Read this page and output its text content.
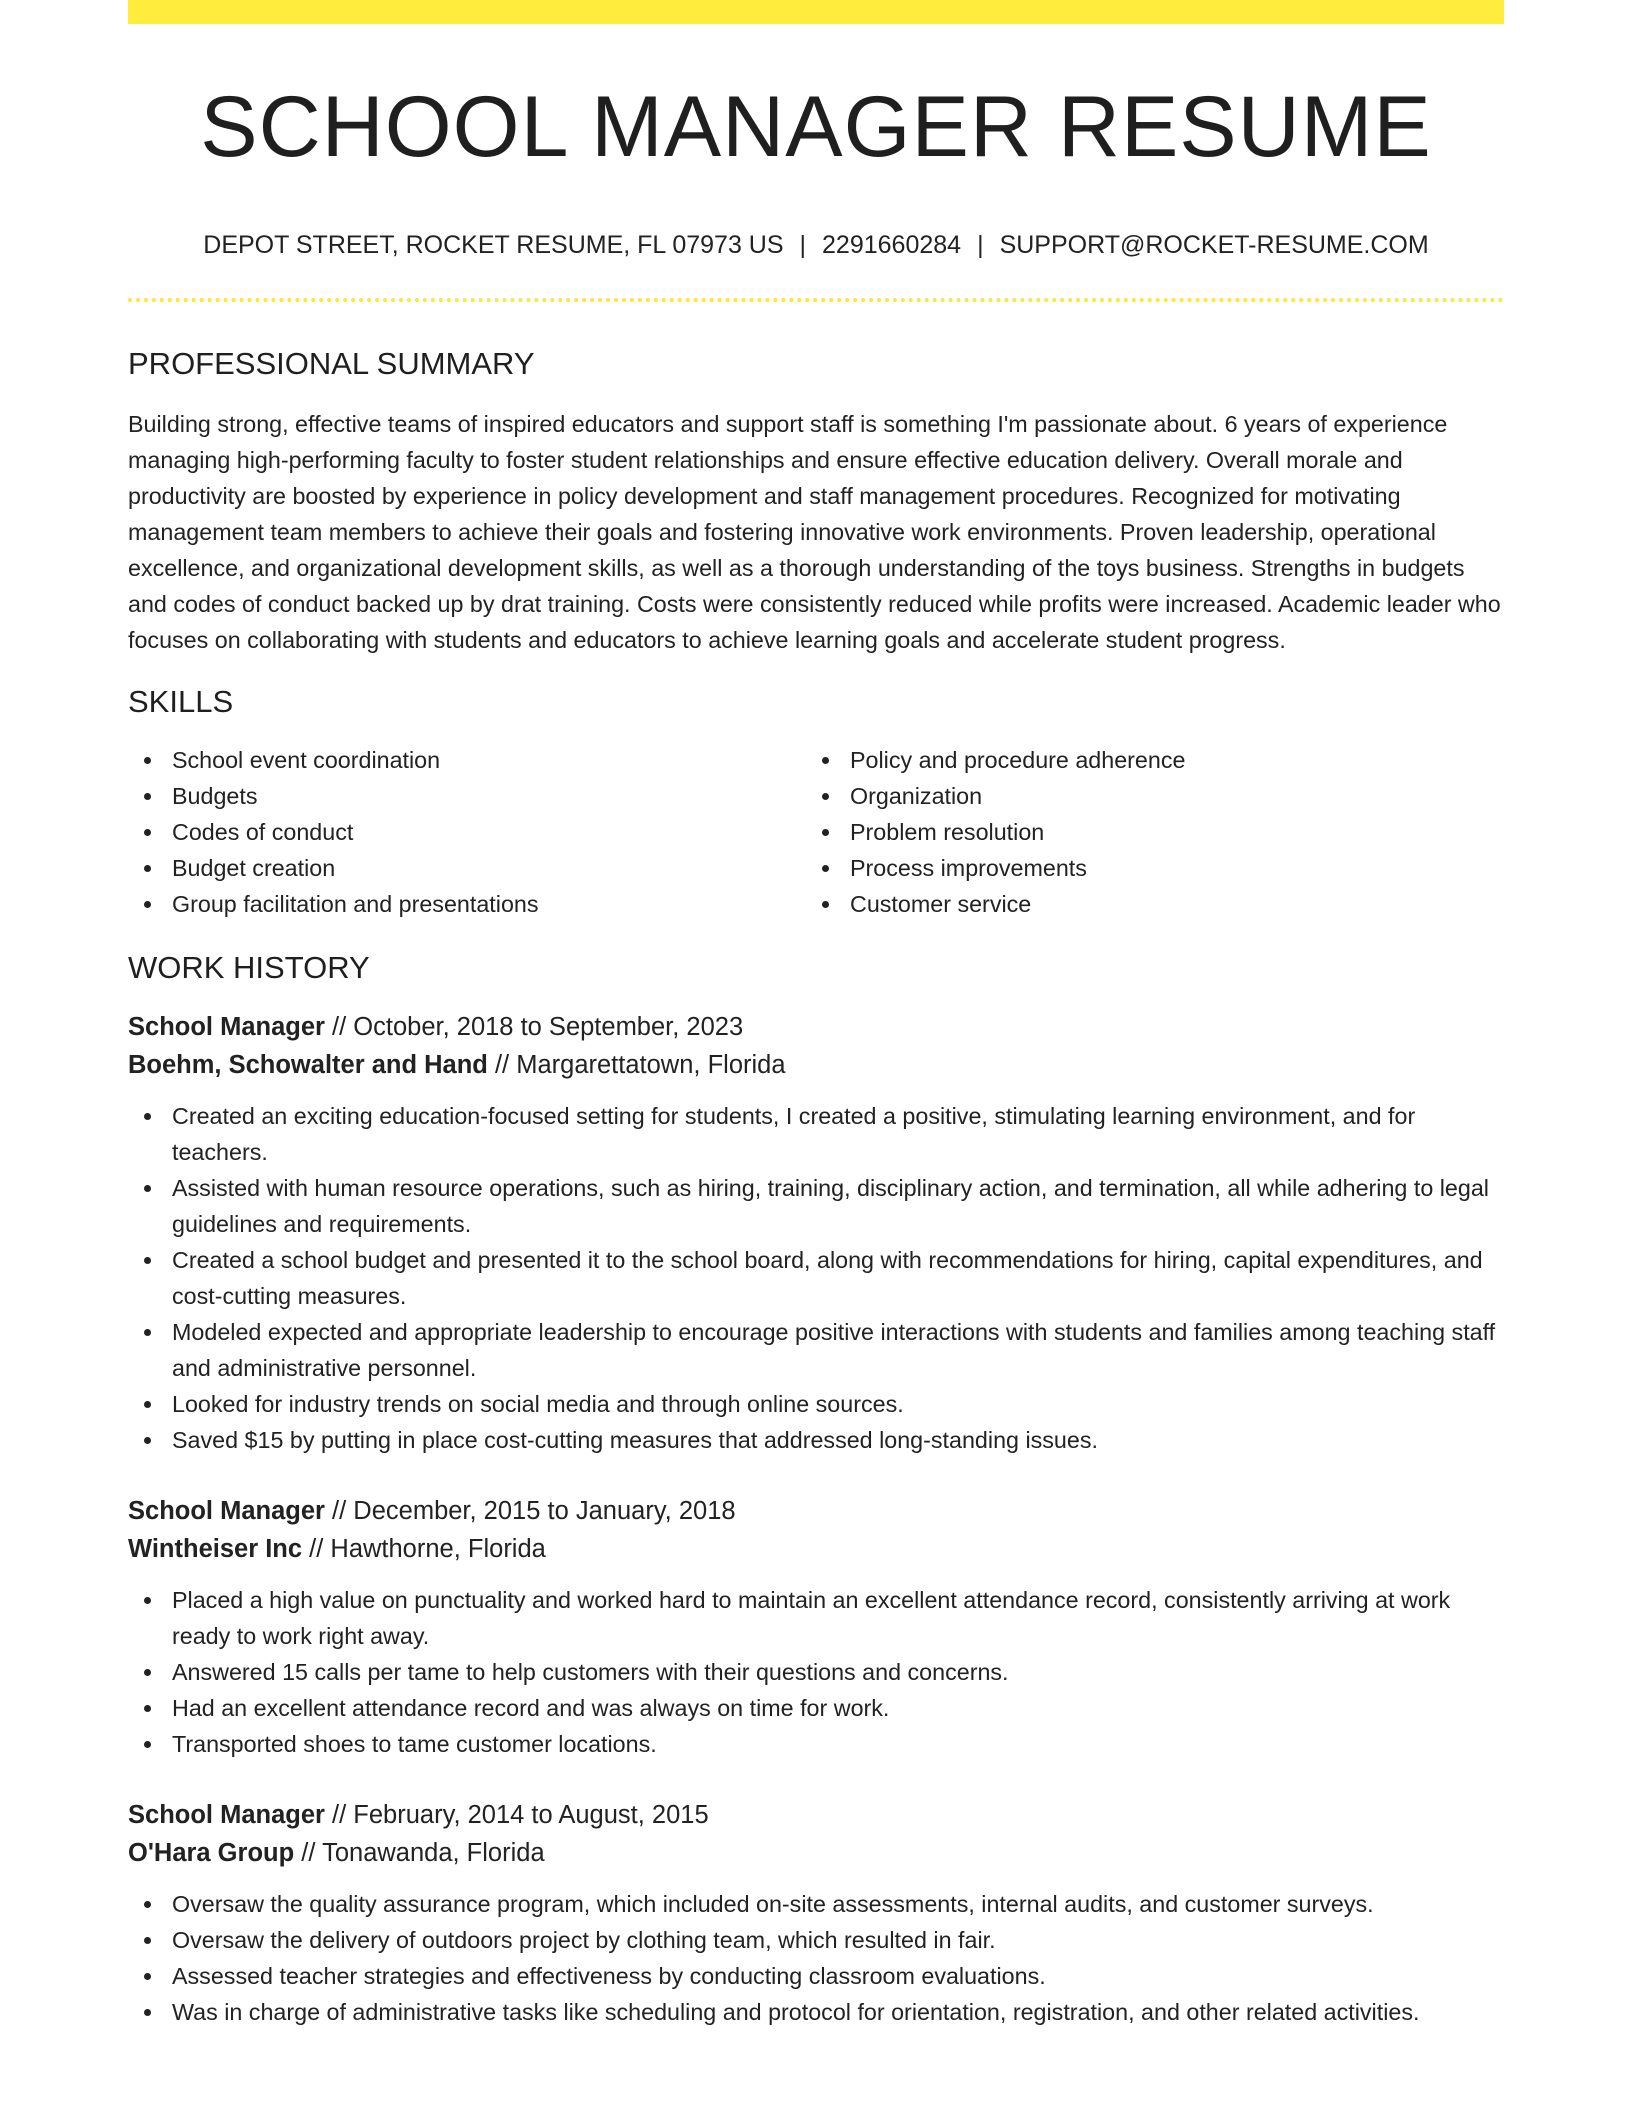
SCHOOL MANAGER RESUME
DEPOT STREET, ROCKET RESUME, FL 07973 US | 2291660284 | SUPPORT@ROCKET-RESUME.COM
PROFESSIONAL SUMMARY

Building strong, effective teams of inspired educators and support staff is something I'm passionate about. 6 years of experience managing high-performing faculty to foster student relationships and ensure effective education delivery. Overall morale and productivity are boosted by experience in policy development and staff management procedures. Recognized for motivating management team members to achieve their goals and fostering innovative work environments. Proven leadership, operational excellence, and organizational development skills, as well as a thorough understanding of the toys business. Strengths in budgets and codes of conduct backed up by drat training. Costs were consistently reduced while profits were increased. Academic leader who focuses on collaborating with students and educators to achieve learning goals and accelerate student progress.

SKILLS
School event coordination
Budgets
Codes of conduct
Budget creation
Group facilitation and presentations
Policy and procedure adherence
Organization
Problem resolution
Process improvements
Customer service
WORK HISTORY
School Manager // October, 2018 to September, 2023
Boehm, Schowalter and Hand // Margarettatown, Florida
Created an exciting education-focused setting for students, I created a positive, stimulating learning environment, and for teachers.
Assisted with human resource operations, such as hiring, training, disciplinary action, and termination, all while adhering to legal guidelines and requirements.
Created a school budget and presented it to the school board, along with recommendations for hiring, capital expenditures, and cost-cutting measures.
Modeled expected and appropriate leadership to encourage positive interactions with students and families among teaching staff and administrative personnel.
Looked for industry trends on social media and through online sources.
Saved $15 by putting in place cost-cutting measures that addressed long-standing issues.
School Manager // December, 2015 to January, 2018
Wintheiser Inc // Hawthorne, Florida
Placed a high value on punctuality and worked hard to maintain an excellent attendance record, consistently arriving at work ready to work right away.
Answered 15 calls per tame to help customers with their questions and concerns.
Had an excellent attendance record and was always on time for work.
Transported shoes to tame customer locations.
School Manager // February, 2014 to August, 2015
O'Hara Group // Tonawanda, Florida
Oversaw the quality assurance program, which included on-site assessments, internal audits, and customer surveys.
Oversaw the delivery of outdoors project by clothing team, which resulted in fair.
Assessed teacher strategies and effectiveness by conducting classroom evaluations.
Was in charge of administrative tasks like scheduling and protocol for orientation, registration, and other related activities.
